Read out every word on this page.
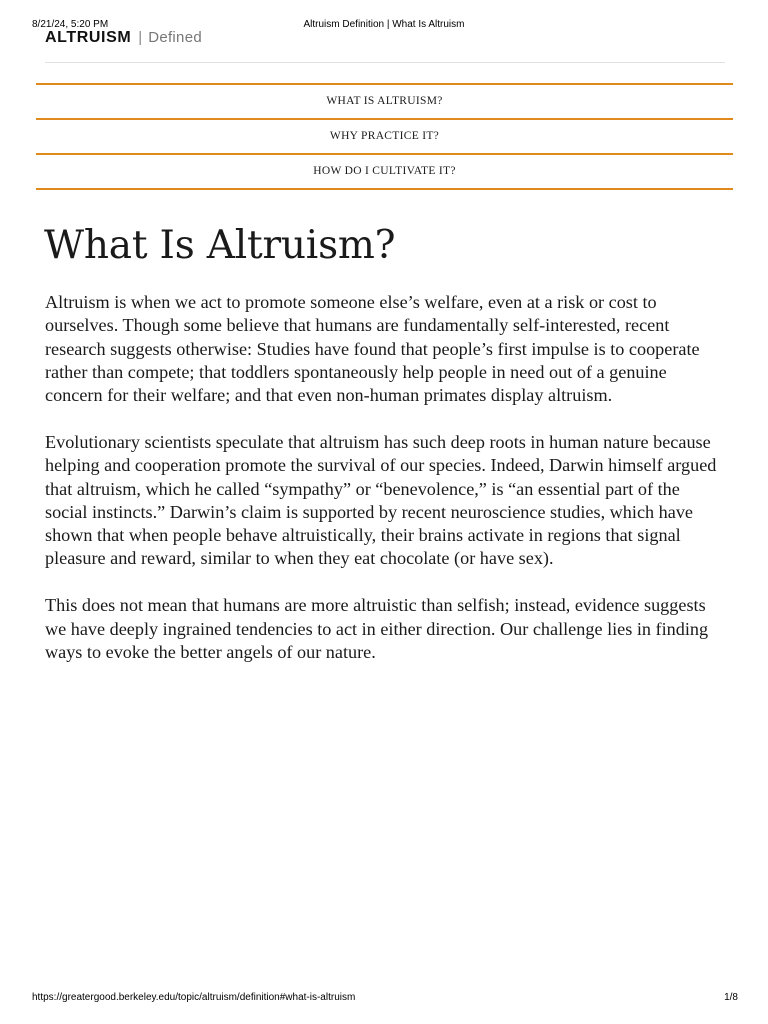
8/21/24, 5:20 PM	Altruism Definition | What Is Altruism
ALTRUISM | Defined
WHAT IS ALTRUISM?
WHY PRACTICE IT?
HOW DO I CULTIVATE IT?
What Is Altruism?

Altruism is when we act to promote someone else’s welfare, even at a risk or cost to ourselves. Though some believe that humans are fundamentally self-interested, recent research suggests otherwise: Studies have found that people’s first impulse is to cooperate rather than compete; that toddlers spontaneously help people in need out of a genuine concern for their welfare; and that even non-human primates display altruism.

Evolutionary scientists speculate that altruism has such deep roots in human nature because helping and cooperation promote the survival of our species. Indeed, Darwin himself argued that altruism, which he called “sympathy” or “benevolence,” is “an essential part of the social instincts.” Darwin’s claim is supported by recent neuroscience studies, which have shown that when people behave altruistically, their brains activate in regions that signal pleasure and reward, similar to when they eat chocolate (or have sex).

This does not mean that humans are more altruistic than selfish; instead, evidence suggests we have deeply ingrained tendencies to act in either direction. Our challenge lies in finding ways to evoke the better angels of our nature.

https://greatergood.berkeley.edu/topic/altruism/definition#what-is-altruism	1/8
